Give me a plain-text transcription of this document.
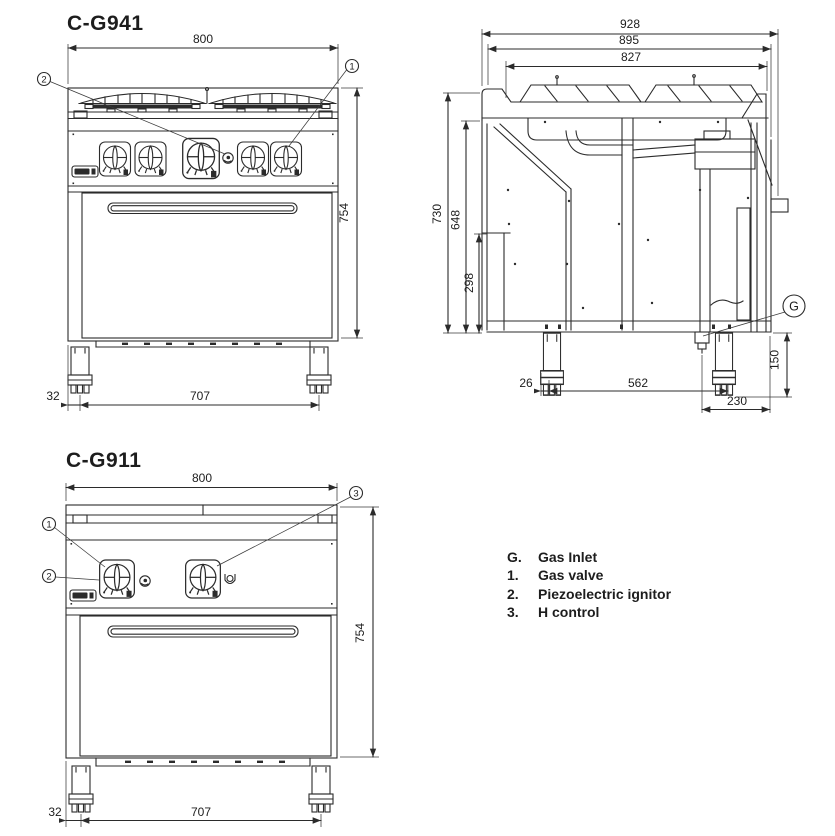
C-G941
800
754
32	707
2
1
928
895
827
730 648
298
26	562
230
150
G
C-G911
800
754
32	707
1
2
3
G.	Gas Inlet
1.	Gas valve
2.	Piezoelectric ignitor
3.	H control
